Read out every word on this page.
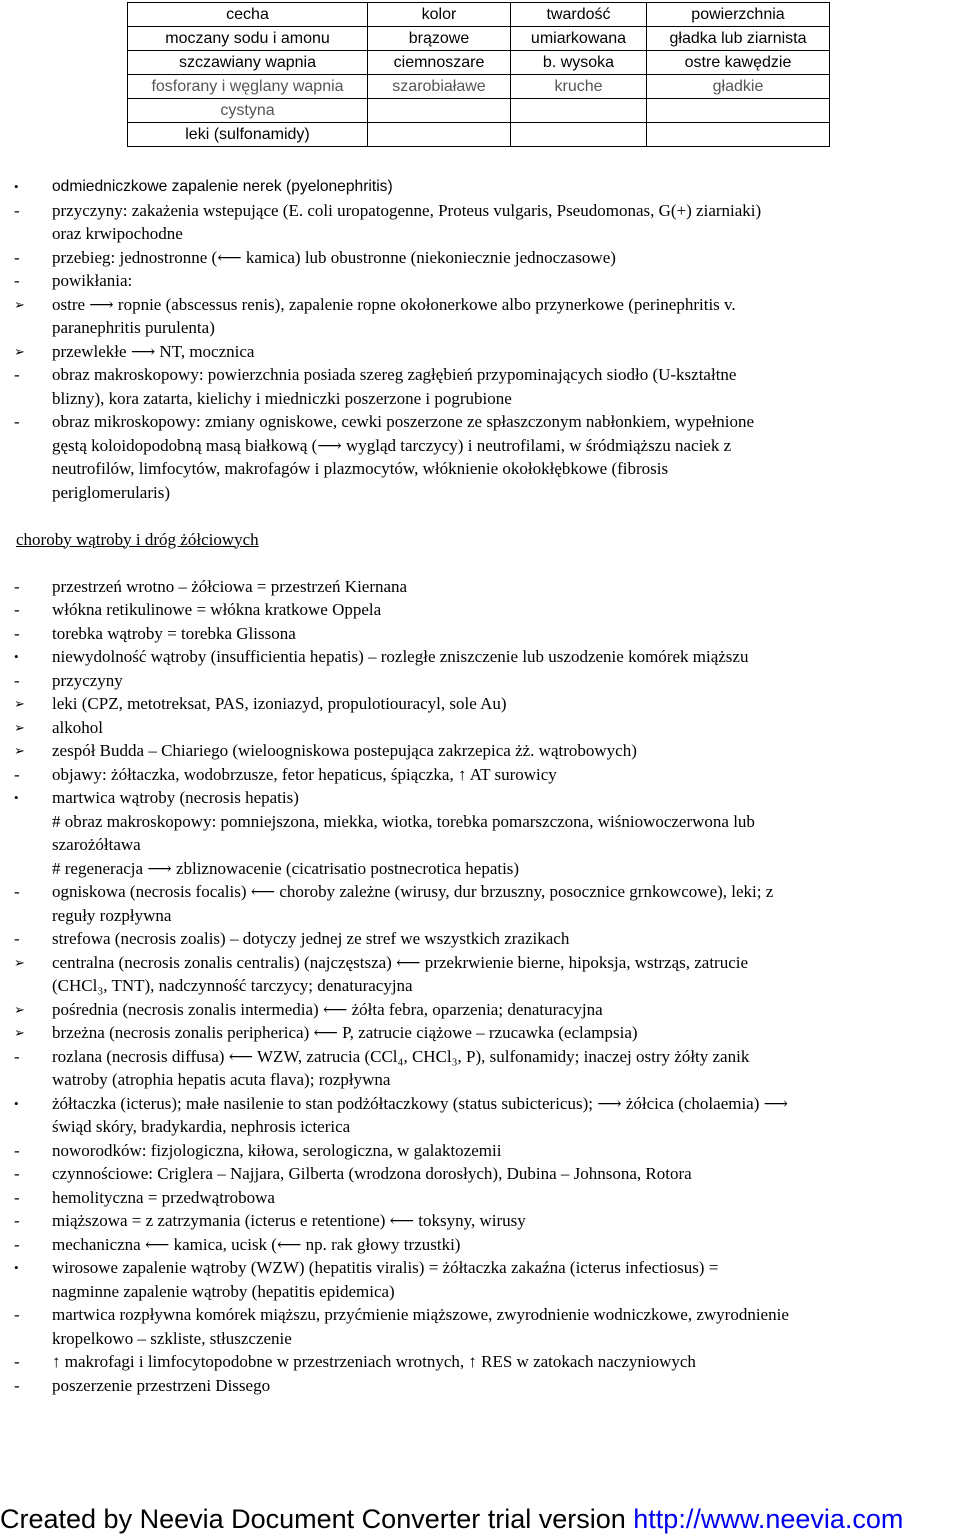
cecha	kolor	twardość	powierzchnia
moczany sodu i amonu	brązowe	umiarkowana	gładka lub ziarnista
szczawiany wapnia	ciemnoszare	b. wysoka	ostre kawędzie
fosforany i węglany wapnia	szarobiaławe	kruche	gładkie
cystyna			
leki (sulfonamidy)			
• odmiedniczkowe zapalenie nerek (pyelonephritis)
- przyczyny: zakażenia wstepujące (E. coli uropatogenne, Proteus vulgaris, Pseudomonas, G(+) ziarniaki)
oraz krwipochodne
- przebieg: jednostronne (⟵ kamica) lub obustronne (niekoniecznie jednoczasowe)
- powikłania:
➢ ostre ⟶ ropnie (abscessus renis), zapalenie ropne okołonerkowe albo przynerkowe (perinephritis v.
paranephritis purulenta)
➢ przewlekłe ⟶ NT, mocznica
- obraz makroskopowy: powierzchnia posiada szereg zagłębień przypominających siodło (U-kształtne
blizny), kora zatarta, kielichy i miedniczki poszerzone i pogrubione
- obraz mikroskopowy: zmiany ogniskowe, cewki poszerzone ze spłaszczonym nabłonkiem, wypełnione
gęstą koloidopodobną masą białkową (⟶ wygląd tarczycy) i neutrofilami, w śródmiąższu naciek z
neutrofilów, limfocytów, makrofagów i plazmocytów, włóknienie okołokłębkowe (fibrosis
periglomerularis)
choroby wątroby i dróg żółciowych
- przestrzeń wrotno – żółciowa = przestrzeń Kiernana
- włókna retikulinowe = włókna kratkowe Oppela
- torebka wątroby = torebka Glissona
• niewydolność wątroby (insufficientia hepatis) – rozległe zniszczenie lub uszodzenie komórek miąższu
- przyczyny
➢ leki (CPZ, metotreksat, PAS, izoniazyd, propulotiouracyl, sole Au)
➢ alkohol
➢ zespół Budda – Chiariego (wieloogniskowa postepująca zakrzepica żż. wątrobowych)
- objawy: żółtaczka, wodobrzusze, fetor hepaticus, śpiączka, ↑ AT surowicy
• martwica wątroby (necrosis hepatis)
# obraz makroskopowy: pomniejszona, miekka, wiotka, torebka pomarszczona, wiśniowoczerwona lub
szarożółtawa
# regeneracja ⟶ zbliznowacenie (cicatrisatio postnecrotica hepatis)
- ogniskowa (necrosis focalis) ⟵ choroby zależne (wirusy, dur brzuszny, posocznice grnkowcowe), leki; z
reguły rozpływna
- strefowa (necrosis zoalis) – dotyczy jednej ze stref we wszystkich zrazikach
➢ centralna (necrosis zonalis centralis) (najczęstsza) ⟵ przekrwienie bierne, hipoksja, wstrząs, zatrucie
(CHCl₃, TNT), nadczynność tarczycy; denaturacyjna
➢ pośrednia (necrosis zonalis intermedia) ⟵ żółta febra, oparzenia; denaturacyjna
➢ brzeżna (necrosis zonalis peripherica) ⟵ P, zatrucie ciążowe – rzucawka (eclampsia)
- rozlana (necrosis diffusa) ⟵ WZW, zatrucia (CCl₄, CHCl₃, P), sulfonamidy; inaczej ostry żółty zanik
watroby (atrophia hepatis acuta flava); rozpływna
• żółtaczka (icterus); małe nasilenie to stan podżółtaczkowy (status subictericus); ⟶ żółcica (cholaemia) ⟶
świąd skóry, bradykardia, nephrosis icterica
- noworodków: fizjologiczna, kiłowa, serologiczna, w galaktozemii
- czynnościowe: Criglera – Najjara, Gilberta (wrodzona dorosłych), Dubina – Johnsona, Rotora
- hemolityczna = przedwątrobowa
- miąższowa = z zatrzymania (icterus e retentione) ⟵ toksyny, wirusy
- mechaniczna ⟵ kamica, ucisk (⟵ np. rak głowy trzustki)
• wirosowe zapalenie wątroby (WZW) (hepatitis viralis) = żółtaczka zakaźna (icterus infectiosus) =
nagminne zapalenie wątroby (hepatitis epidemica)
- martwica rozpływna komórek miąższu, przyćmienie miąższowe, zwyrodnienie wodniczkowe, zwyrodnienie
kropelkowo – szkliste, stłuszczenie
- ↑ makrofagi i limfocytopodobne w przestrzeniach wrotnych, ↑ RES w zatokach naczyniowych
- poszerzenie przestrzeni Dissego
Created by Neevia Document Converter trial version http://www.neevia.com
